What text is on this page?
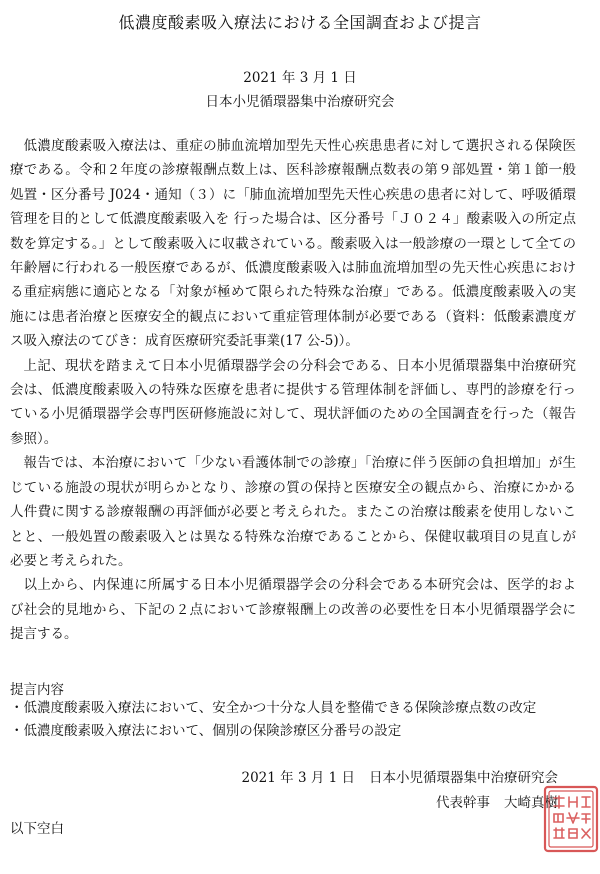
低濃度酸素吸入療法における全国調査および提言
2021 年 3 月 1 日
日本小児循環器集中治療研究会

低濃度酸素吸入療法は、重症の肺血流増加型先天性心疾患患者に対して選択される保険医療である。令和２年度の診療報酬点数上は、医科診療報酬点数表の第９部処置・第１節一般処置・区分番号 J024・通知（３）に「肺血流増加型先天性心疾患の患者に対して、呼吸循環管理を目的として低濃度酸素吸入を 行った場合は、区分番号「Ｊ０２４」酸素吸入の所定点数を算定する。」として酸素吸入に収載されている。酸素吸入は一般診療の一環として全ての年齢層に行われる一般医療であるが、低濃度酸素吸入は肺血流増加型の先天性心疾患における重症病態に適応となる「対象が極めて限られた特殊な治療」である。低濃度酸素吸入の実施には患者治療と医療安全的観点において重症管理体制が必要である（資料：低酸素濃度ガス吸入療法のてびき：成育医療研究委託事業(17 公-5)）。

上記、現状を踏まえて日本小児循環器学会の分科会である、日本小児循環器集中治療研究会は、低濃度酸素吸入の特殊な医療を患者に提供する管理体制を評価し、専門的診療を行っている小児循環器学会専門医研修施設に対して、現状評価のための全国調査を行った（報告参照）。

報告では、本治療において「少ない看護体制での診療」「治療に伴う医師の負担増加」が生じている施設の現状が明らかとなり、診療の質の保持と医療安全の観点から、治療にかかる人件費に関する診療報酬の再評価が必要と考えられた。またこの治療は酸素を使用しないことと、一般処置の酸素吸入とは異なる特殊な治療であることから、保健収載項目の見直しが必要と考えられた。

以上から、内保連に所属する日本小児循環器学会の分科会である本研究会は、医学的および社会的見地から、下記の２点において診療報酬上の改善の必要性を日本小児循環器学会に提言する。

提言内容
・低濃度酸素吸入療法において、安全かつ十分な人員を整備できる保険診療点数の改定
・低濃度酸素吸入療法において、個別の保険診療区分番号の設定
2021 年 3 月 1 日 日本小児循環器集中治療研究会
代表幹事 大崎真樹
以下空白
